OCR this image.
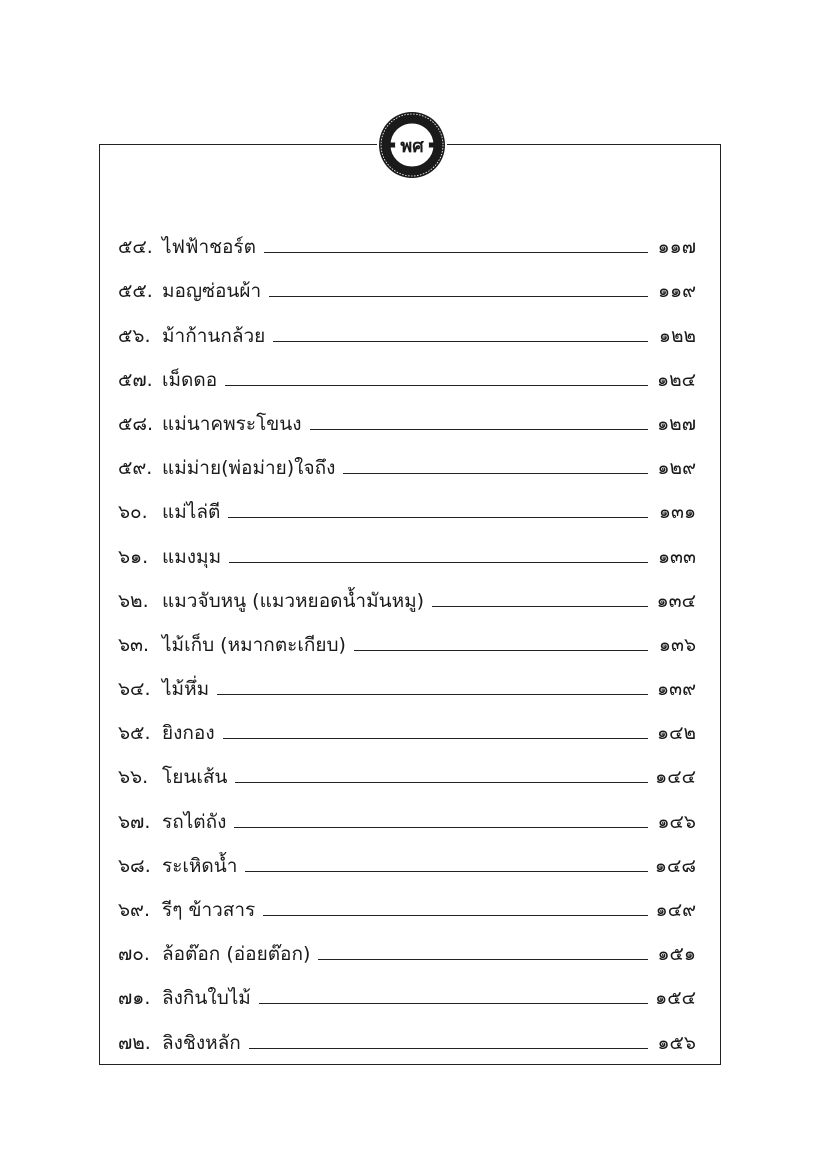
พศ
๕๔. ไฟฟ้าชอร์ต	๑๑๗
๕๕. มอญซ่อนผ้า	๑๑๙
๕๖. ม้าก้านกล้วย	๑๒๒
๕๗. เม็ดดอ	๑๒๔
๕๘. แม่นาคพระโขนง	๑๒๗
๕๙. แม่ม่าย(พ่อม่าย)ใจถึง	๑๒๙
๖๐. แม่ไล่ตี	๑๓๑
๖๑. แมงมุม	๑๓๓
๖๒. แมวจับหนู (แมวหยอดน้ำมันหมู)	๑๓๔
๖๓. ไม้เก็บ (หมากตะเกียบ)	๑๓๖
๖๔. ไม้หึ่ม	๑๓๙
๖๕. ยิงกอง	๑๔๒
๖๖. โยนเส้น	๑๔๔
๖๗. รถไต่ถัง	๑๔๖
๖๘. ระเหิดน้ำ	๑๔๘
๖๙. รีๆ ข้าวสาร	๑๔๙
๗๐. ล้อต๊อก (อ่อยต๊อก)	๑๕๑
๗๑. ลิงกินใบไม้	๑๕๔
๗๒. ลิงชิงหลัก	๑๕๖
